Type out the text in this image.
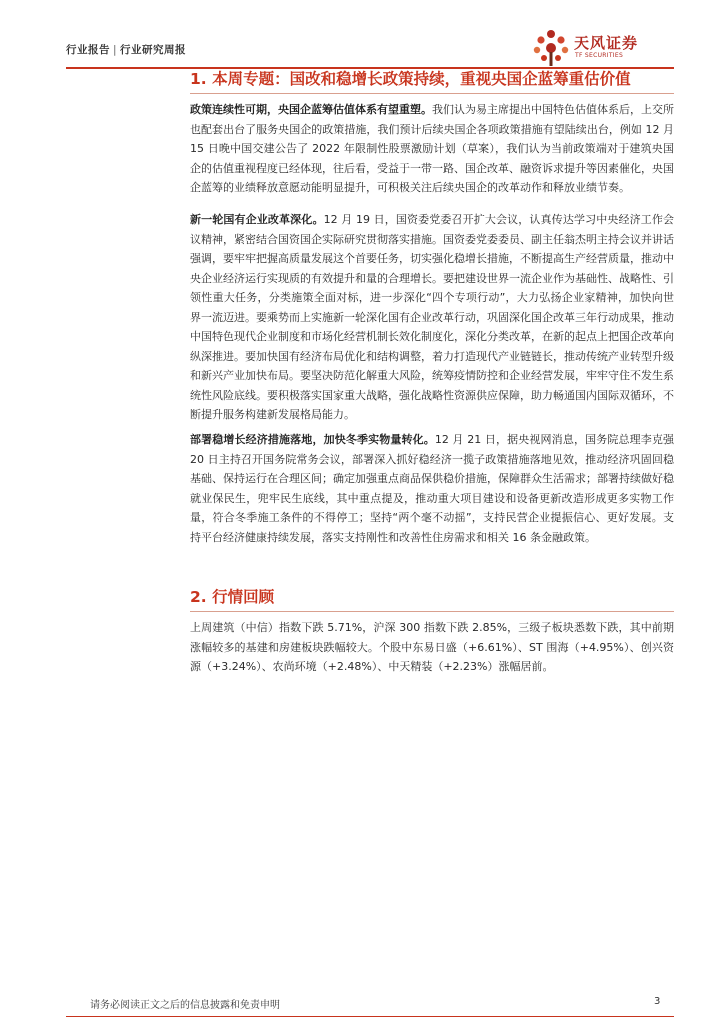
行业报告 | 行业研究周报	天风证券
TF SECURITIES
1. 本周专题：国改和稳增长政策持续，重视央国企蓝筹重估价值

政策连续性可期，央国企蓝筹估值体系有望重塑。我们认为易主席提出中国特色估值体系后，上交所也配套出台了服务央国企的政策措施，我们预计后续央国企各项政策措施有望陆续出台，例如 12 月 15 日晚中国交建公告了 2022 年限制性股票激励计划（草案），我们认为当前政策端对于建筑央国企的估值重视程度已经体现，往后看，受益于一带一路、国企改革、融资诉求提升等因素催化，央国企蓝筹的业绩释放意愿动能明显提升，可积极关注后续央国企的改革动作和释放业绩节奏。

新一轮国有企业改革深化。12 月 19 日，国资委党委召开扩大会议，认真传达学习中央经济工作会议精神，紧密结合国资国企实际研究贯彻落实措施。国资委党委委员、副主任翁杰明主持会议并讲话强调，要牢牢把握高质量发展这个首要任务，切实强化稳增长措施，不断提高生产经营质量，推动中央企业经济运行实现质的有效提升和量的合理增长。要把建设世界一流企业作为基础性、战略性、引领性重大任务，分类施策全面对标，进一步深化“四个专项行动”，大力弘扬企业家精神，加快向世界一流迈进。要乘势而上实施新一轮深化国有企业改革行动，巩固深化国企改革三年行动成果，推动中国特色现代企业制度和市场化经营机制长效化制度化，深化分类改革，在新的起点上把国企改革向纵深推进。要加快国有经济布局优化和结构调整，着力打造现代产业链链长，推动传统产业转型升级和新兴产业加快布局。要坚决防范化解重大风险，统筹疫情防控和企业经营发展，牢牢守住不发生系统性风险底线。要积极落实国家重大战略，强化战略性资源供应保障，助力畅通国内国际双循环，不断提升服务构建新发展格局能力。

部署稳增长经济措施落地，加快冬季实物量转化。12 月 21 日，据央视网消息，国务院总理李克强 20 日主持召开国务院常务会议，部署深入抓好稳经济一揽子政策措施落地见效，推动经济巩固回稳基础、保持运行在合理区间；确定加强重点商品保供稳价措施，保障群众生活需求；部署持续做好稳就业保民生，兜牢民生底线，其中重点提及，推动重大项目建设和设备更新改造形成更多实物工作量，符合冬季施工条件的不得停工；坚持“两个毫不动摇”，支持民营企业提振信心、更好发展。支持平台经济健康持续发展，落实支持刚性和改善性住房需求和相关 16 条金融政策。

2. 行情回顾

上周建筑（中信）指数下跌 5.71%，沪深 300 指数下跌 2.85%，三级子板块悉数下跌，其中前期涨幅较多的基建和房建板块跌幅较大。个股中东易日盛（+6.61%）、ST 围海（+4.95%）、创兴资源（+3.24%）、农尚环境（+2.48%）、中天精装（+2.23%）涨幅居前。

请务必阅读正文之后的信息披露和免责申明	3
